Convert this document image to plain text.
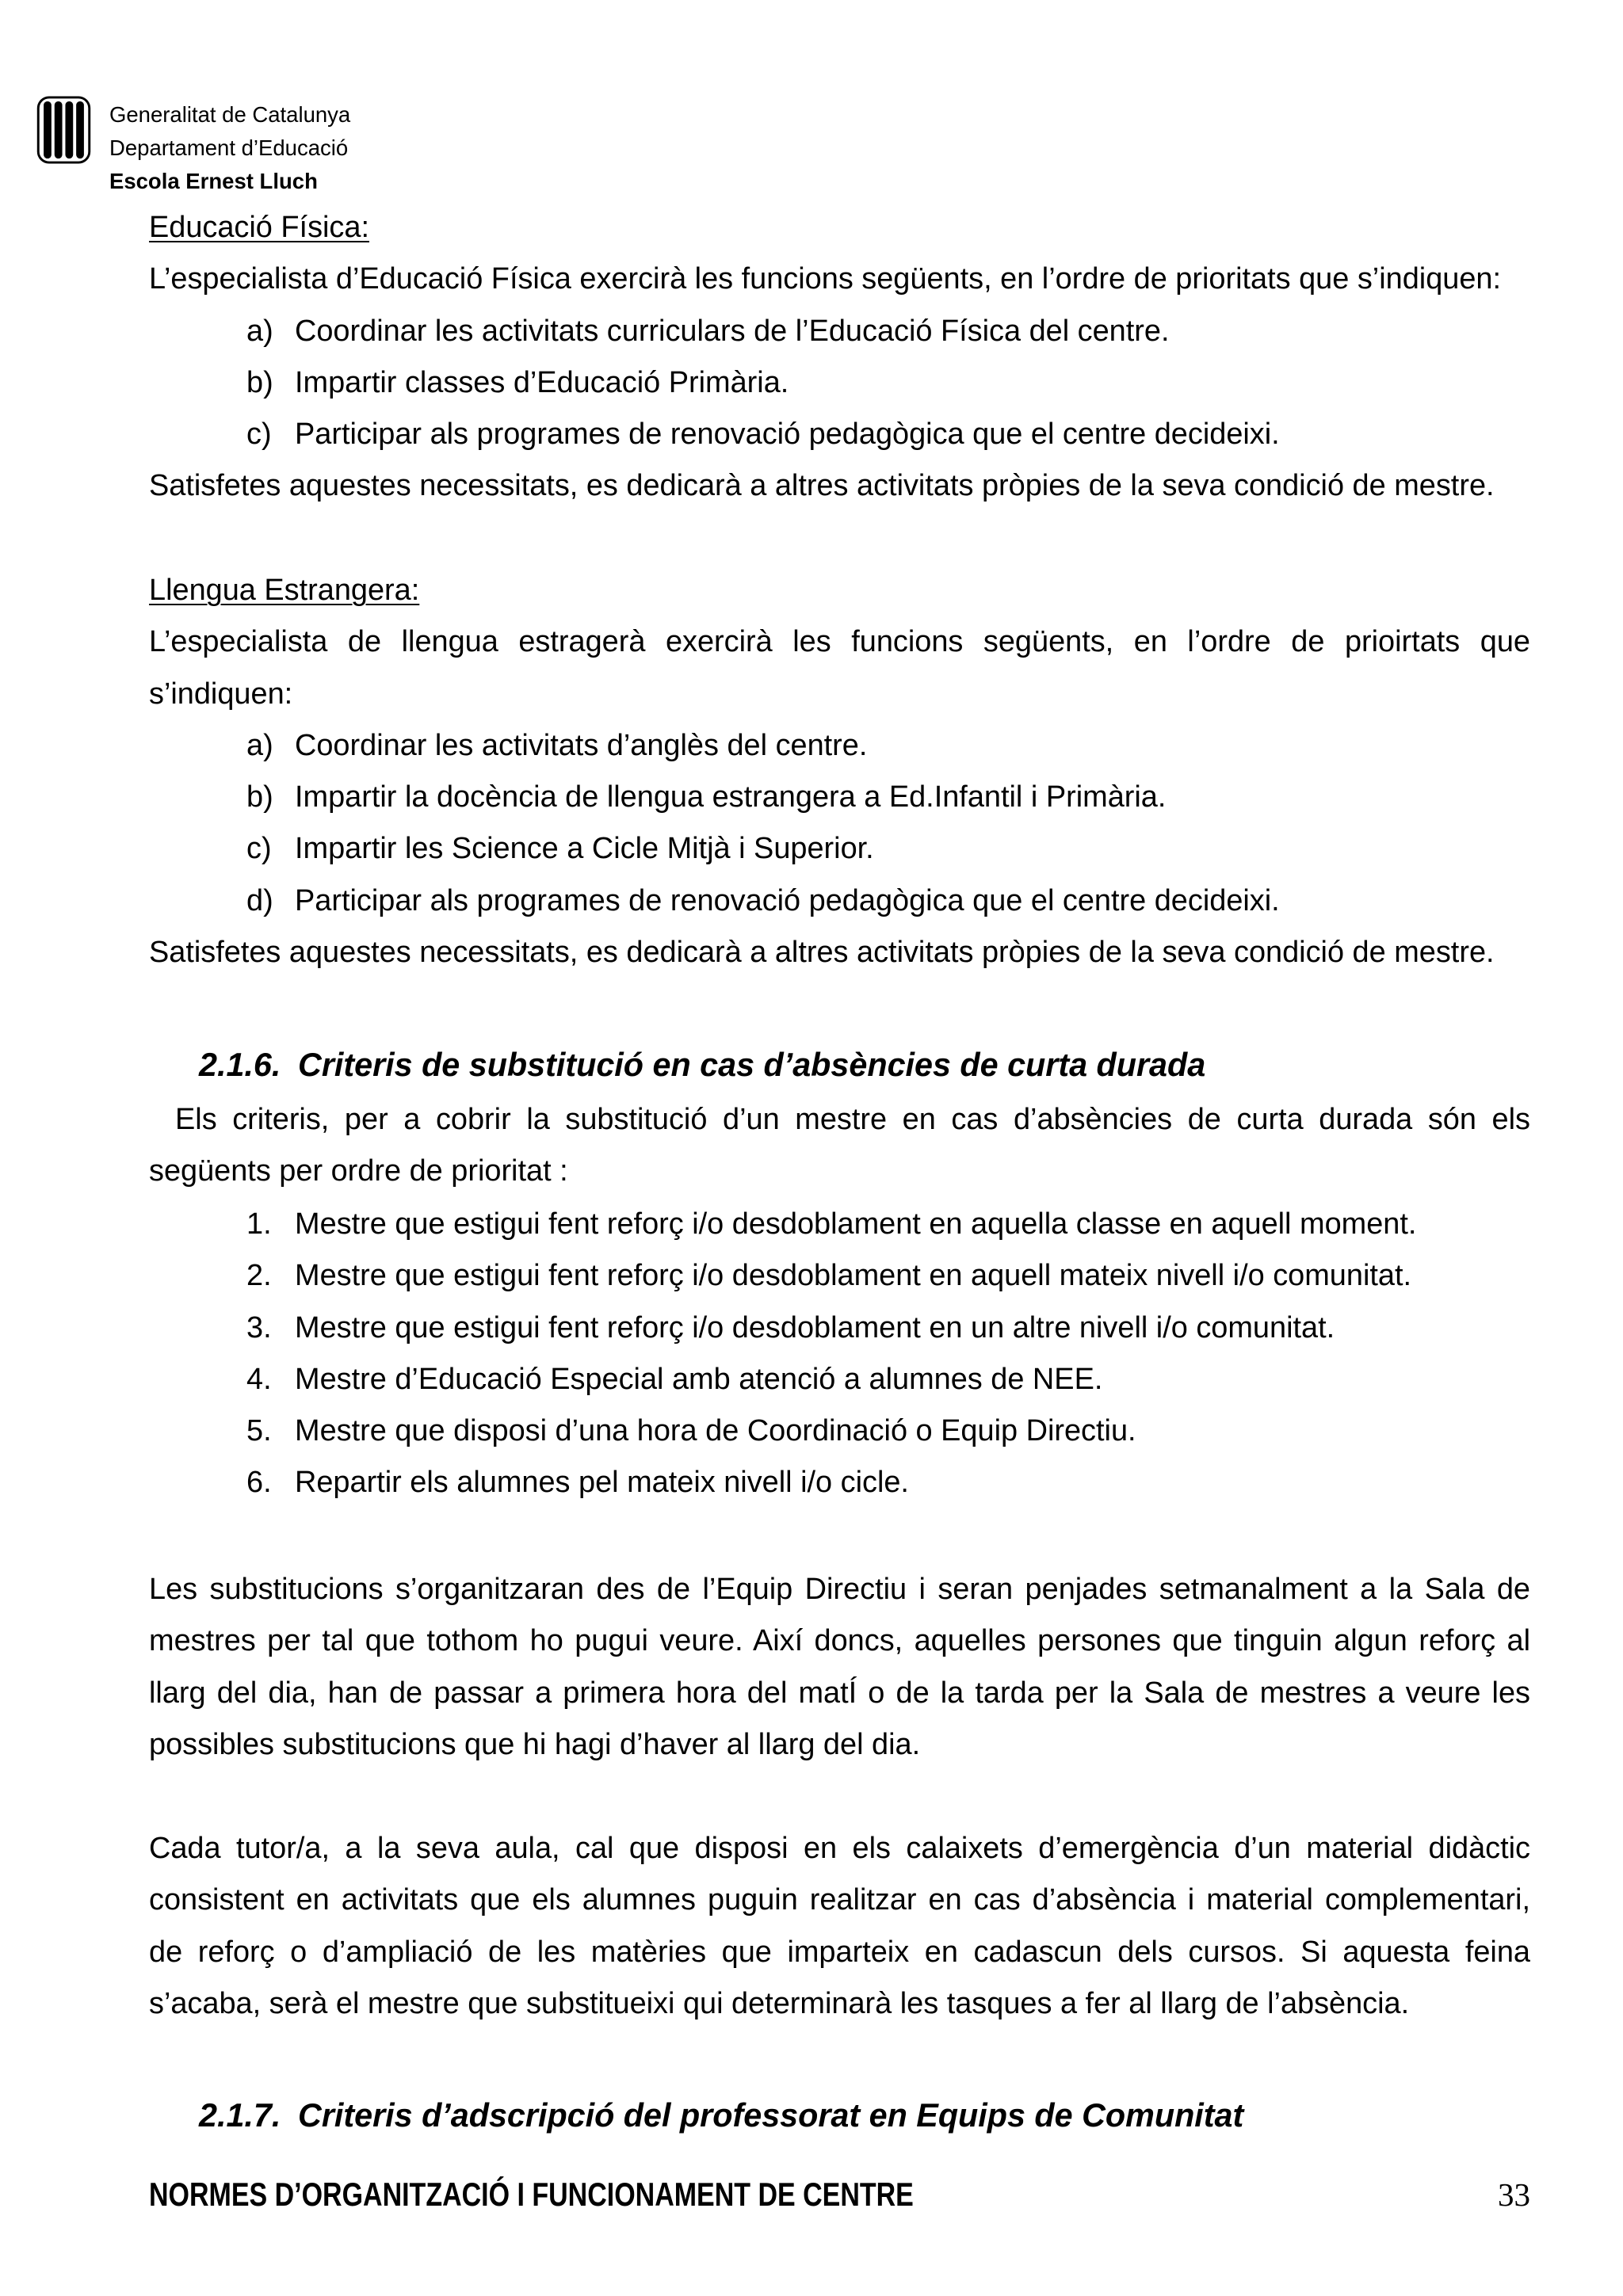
Generalitat de Catalunya
Departament d’Educació
Escola Ernest Lluch
Educació Física:
L’especialista d’Educació Física exercirà les funcions següents, en l’ordre de prioritats que s’indiquen:
a) Coordinar les activitats curriculars de l’Educació Física del centre.
b) Impartir classes d’Educació Primària.
c) Participar als programes de renovació pedagògica que el centre decideixi.
Satisfetes aquestes necessitats, es dedicarà a altres activitats pròpies de la seva condició de mestre.
Llengua Estrangera:
L’especialista de llengua estragerà exercirà les funcions següents, en l’ordre de prioirtats que
s’indiquen:
a) Coordinar les activitats d’anglès del centre.
b) Impartir la docència de llengua estrangera a Ed.Infantil i Primària.
c) Impartir les Science a Cicle Mitjà i Superior.
d) Participar als programes de renovació pedagògica que el centre decideixi.
Satisfetes aquestes necessitats, es dedicarà a altres activitats pròpies de la seva condició de mestre.
2.1.6. Criteris de substitució en cas d’absències de curta durada
Els criteris, per a cobrir la substitució d’un mestre en cas d’absències de curta durada són els
següents per ordre de prioritat :
1. Mestre que estigui fent reforç i/o desdoblament en aquella classe en aquell moment.
2. Mestre que estigui fent reforç i/o desdoblament en aquell mateix nivell i/o comunitat.
3. Mestre que estigui fent reforç i/o desdoblament en un altre nivell i/o comunitat.
4. Mestre d’Educació Especial amb atenció a alumnes de NEE.
5. Mestre que disposi d’una hora de Coordinació o Equip Directiu.
6. Repartir els alumnes pel mateix nivell i/o cicle.
Les substitucions s’organitzaran des de l’Equip Directiu i seran penjades setmanalment a la Sala de
mestres per tal que tothom ho pugui veure. Així doncs, aquelles persones que tinguin algun reforç al
llarg del dia, han de passar a primera hora del matÍ o de la tarda per la Sala de mestres a veure les
possibles substitucions que hi hagi d’haver al llarg del dia.
Cada tutor/a, a la seva aula, cal que disposi en els calaixets d’emergència d’un material didàctic
consistent en activitats que els alumnes puguin realitzar en cas d’absència i material complementari,
de reforç o d’ampliació de les matèries que imparteix en cadascun dels cursos. Si aquesta feina
s’acaba, serà el mestre que substitueixi qui determinarà les tasques a fer al llarg de l’absència.
2.1.7. Criteris d’adscripció del professorat en Equips de Comunitat
NORMES D’ORGANITZACIÓ I FUNCIONAMENT DE CENTRE	33
